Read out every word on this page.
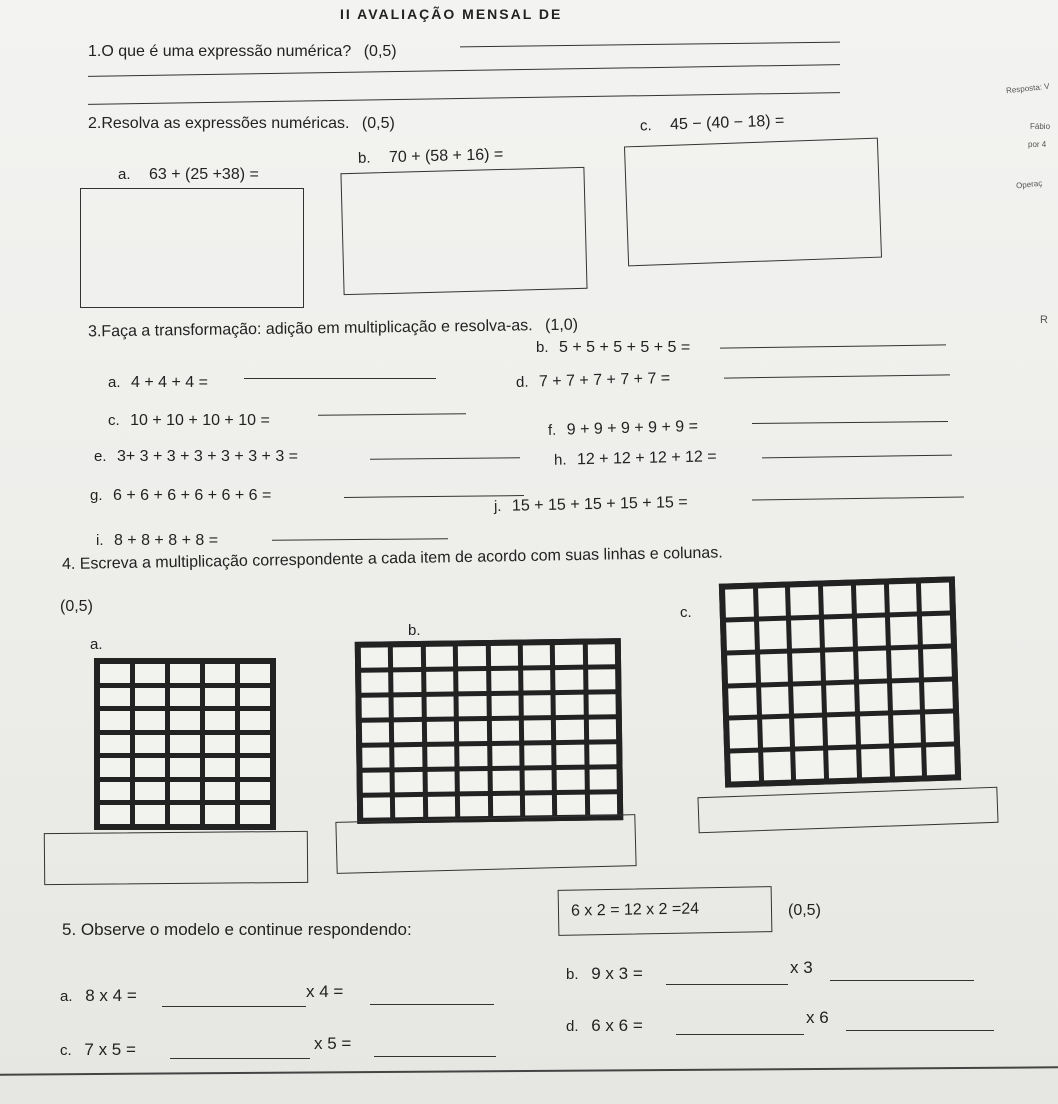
II AVALIAÇÃO MENSAL DE
1.O que é uma expressão numérica? (0,5)
2.Resolva as expressões numéricas. (0,5)
a. 63 + (25 +38) =
b. 70 + (58 + 16) =
c. 45 − (40 − 18) =
3.Faça a transformação: adição em multiplicação e resolva-as. (1,0)
a. 4 + 4 + 4 =
b. 5 + 5 + 5 + 5 + 5 =
c. 10 + 10 + 10 + 10 =
d. 7 + 7 + 7 + 7 + 7 =
e. 3+ 3 + 3 + 3 + 3 + 3 + 3 =
f. 9 + 9 + 9 + 9 + 9 =
g. 6 + 6 + 6 + 6 + 6 + 6 =
h. 12 + 12 + 12 + 12 =
i. 8 + 8 + 8 + 8 =
j. 15 + 15 + 15 + 15 + 15 =
4. Escreva a multiplicação correspondente a cada item de acordo com suas linhas e colunas.
(0,5)
a.
b.
c.
5. Observe o modelo e continue respondendo:
6 x 2 = 12 x 2 =24	(0,5)
a. 8 x 4 =	x 4 =
b. 9 x 3 =	x 3
c. 7 x 5 =	x 5 =
d. 6 x 6 =	x 6
Resposta: V
Fábio
por 4
Operaç
R
